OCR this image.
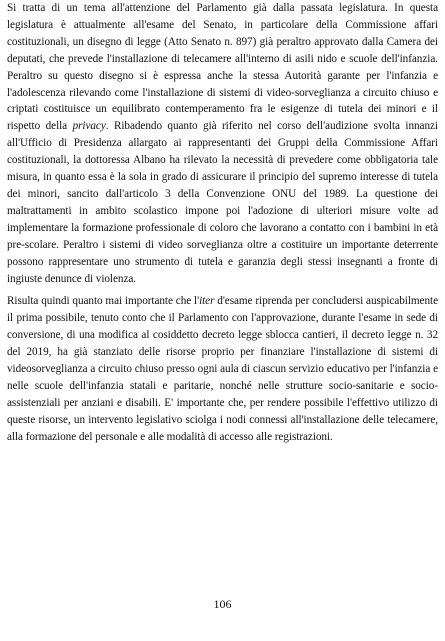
Si tratta di un tema all'attenzione del Parlamento già dalla passata legislatura. In questa legislatura è attualmente all'esame del Senato, in particolare della Commissione affari costituzionali, un disegno di legge (Atto Senato n. 897) già peraltro approvato dalla Camera dei deputati, che prevede l'installazione di telecamere all'interno di asili nido e scuole dell'infanzia. Peraltro su questo disegno si è espressa anche la stessa Autorità garante per l'infanzia e l'adolescenza rilevando come l'installazione di sistemi di video-sorveglianza a circuito chiuso e criptati costituisce un equilibrato contemperamento fra le esigenze di tutela dei minori e il rispetto della privacy. Ribadendo quanto già riferito nel corso dell'audizione svolta innanzi all'Ufficio di Presidenza allargato ai rappresentanti dei Gruppi della Commissione Affari costituzionali, la dottoressa Albano ha rilevato la necessità di prevedere come obbligatoria tale misura, in quanto essa è la sola in grado di assicurare il principio del supremo interesse di tutela dei minori, sancito dall'articolo 3 della Convenzione ONU del 1989. La questione dei maltrattamenti in ambito scolastico impone poi l'adozione di ulteriori misure volte ad implementare la formazione professionale di coloro che lavorano a contatto con i bambini in età pre-scolare. Peraltro i sistemi di video sorveglianza oltre a costituire un importante deterrente possono rappresentare uno strumento di tutela e garanzia degli stessi insegnanti a fronte di ingiuste denunce di violenza.

Risulta quindi quanto mai importante che l'iter d'esame riprenda per concludersi auspicabilmente il prima possibile, tenuto conto che il Parlamento con l'approvazione, durante l'esame in sede di conversione, di una modifica al cosiddetto decreto legge sblocca cantieri, il decreto legge n. 32 del 2019, ha già stanziato delle risorse proprio per finanziare l'installazione di sistemi di videosorveglianza a circuito chiuso presso ogni aula di ciascun servizio educativo per l'infanzia e nelle scuole dell'infanzia statali e paritarie, nonché nelle strutture socio-sanitarie e socio-assistenziali per anziani e disabili. E' importante che, per rendere possibile l'effettivo utilizzo di queste risorse, un intervento legislativo sciolga i nodi connessi all'installazione delle telecamere, alla formazione del personale e alle modalità di accesso alle registrazioni.

106
